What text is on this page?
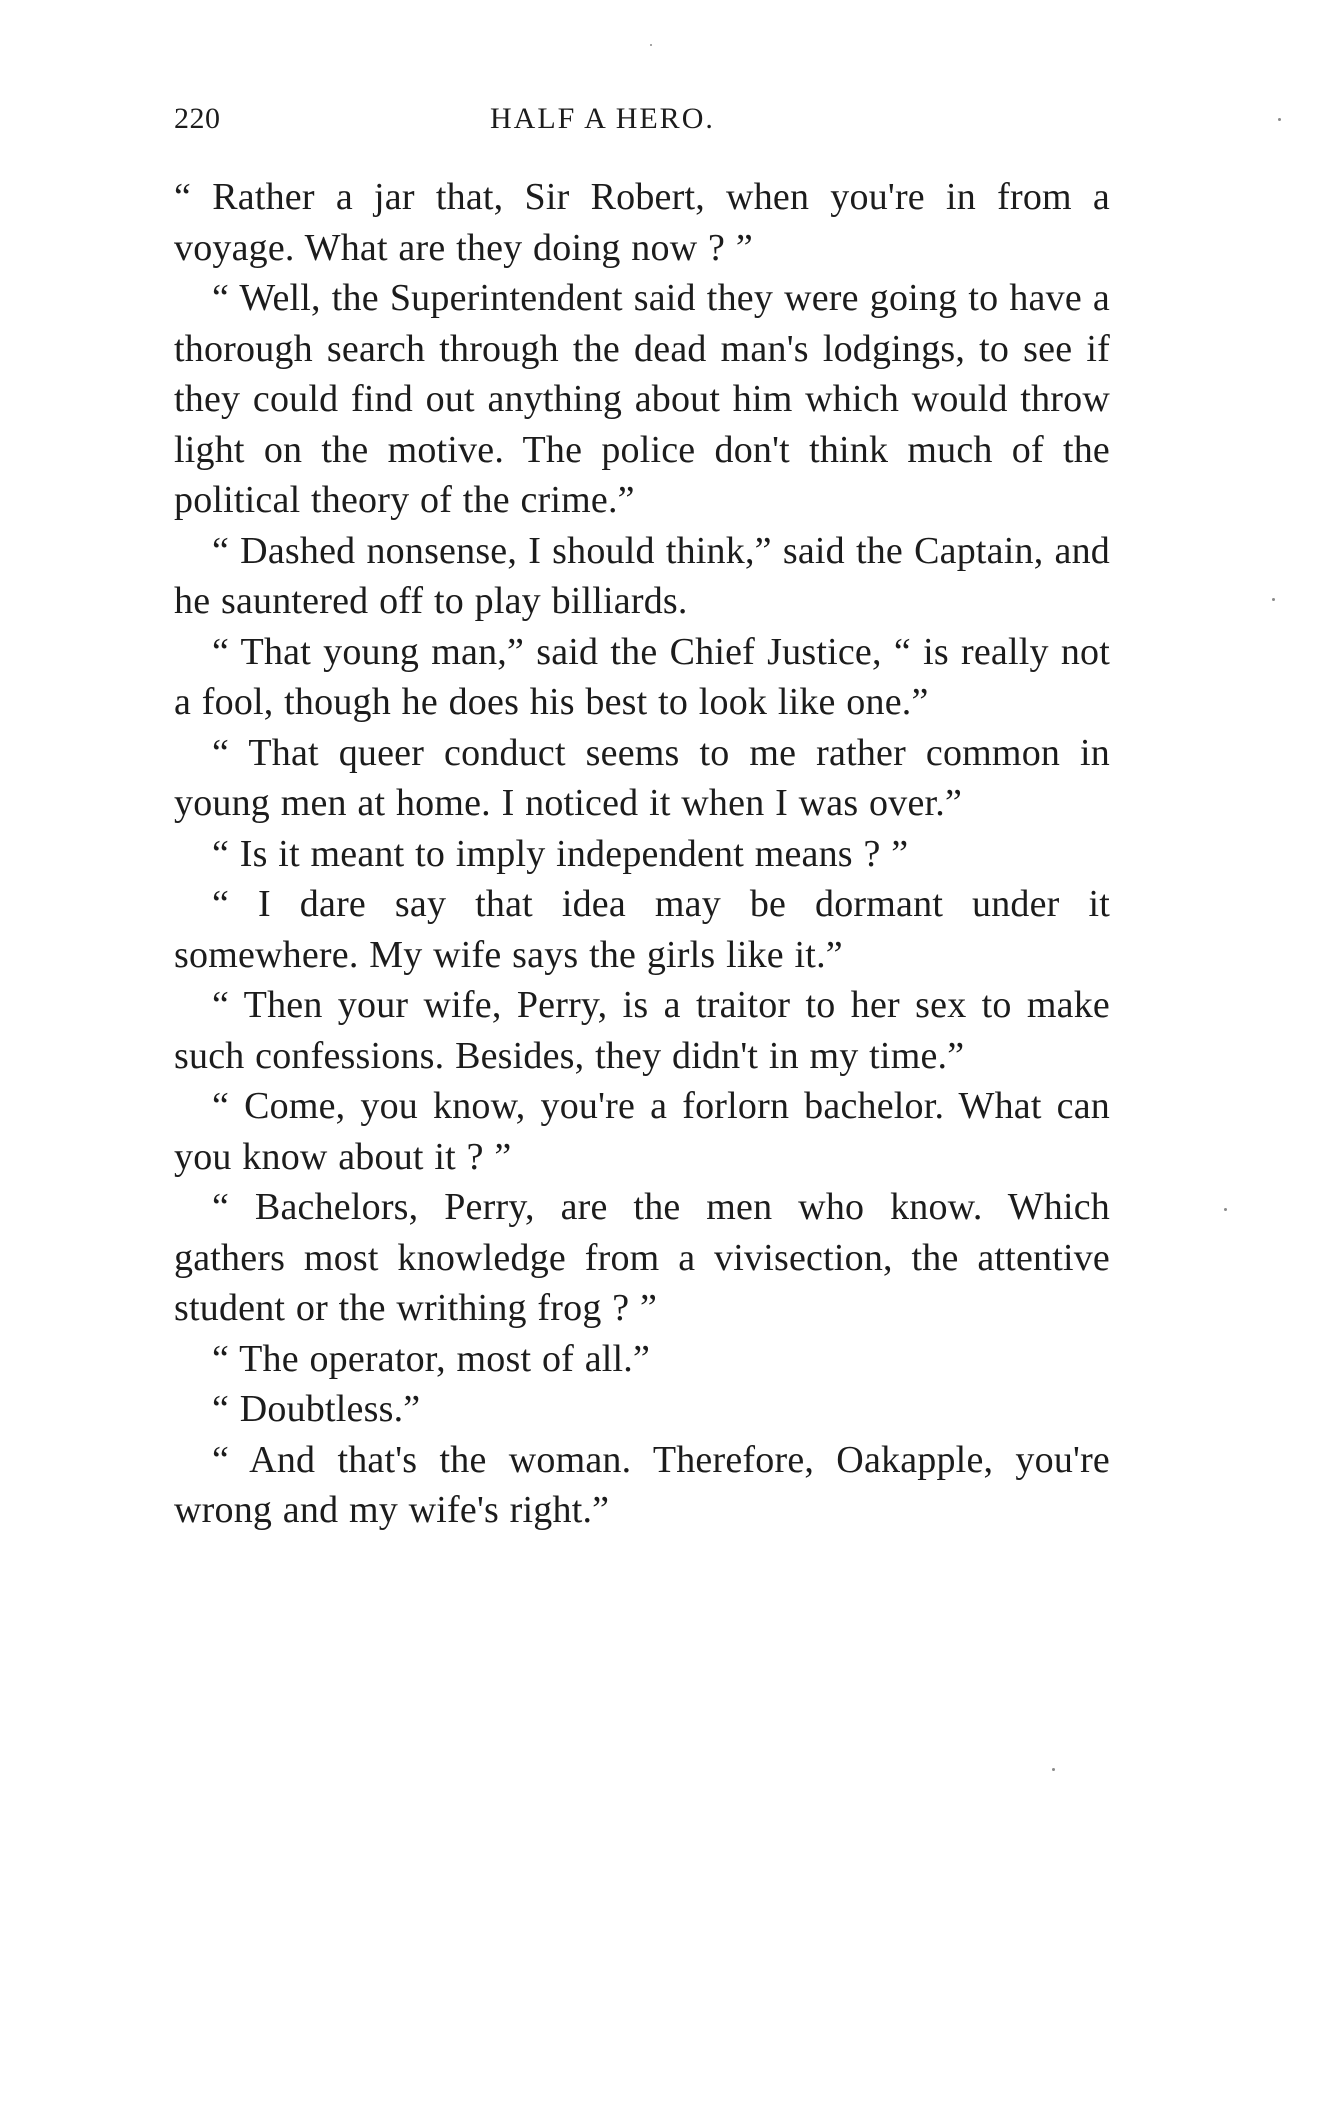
220	HALF A HERO.

“ Rather a jar that, Sir Robert, when you're in from a voyage. What are they doing now ? ”

“ Well, the Superintendent said they were going to have a thorough search through the dead man's lodgings, to see if they could find out anything about him which would throw light on the motive. The police don't think much of the political theory of the crime.”

“ Dashed nonsense, I should think,” said the Captain, and he sauntered off to play billiards.

“ That young man,” said the Chief Justice, “ is really not a fool, though he does his best to look like one.”

“ That queer conduct seems to me rather common in young men at home. I noticed it when I was over.”

“ Is it meant to imply independent means ? ”

“ I dare say that idea may be dormant under it somewhere. My wife says the girls like it.”

“ Then your wife, Perry, is a traitor to her sex to make such confessions. Besides, they didn't in my time.”

“ Come, you know, you're a forlorn bachelor. What can you know about it ? ”

“ Bachelors, Perry, are the men who know. Which gathers most knowledge from a vivisection, the attentive student or the writhing frog ? ”

“ The operator, most of all.”

“ Doubtless.”

“ And that's the woman. Therefore, Oakapple, you're wrong and my wife's right.”
